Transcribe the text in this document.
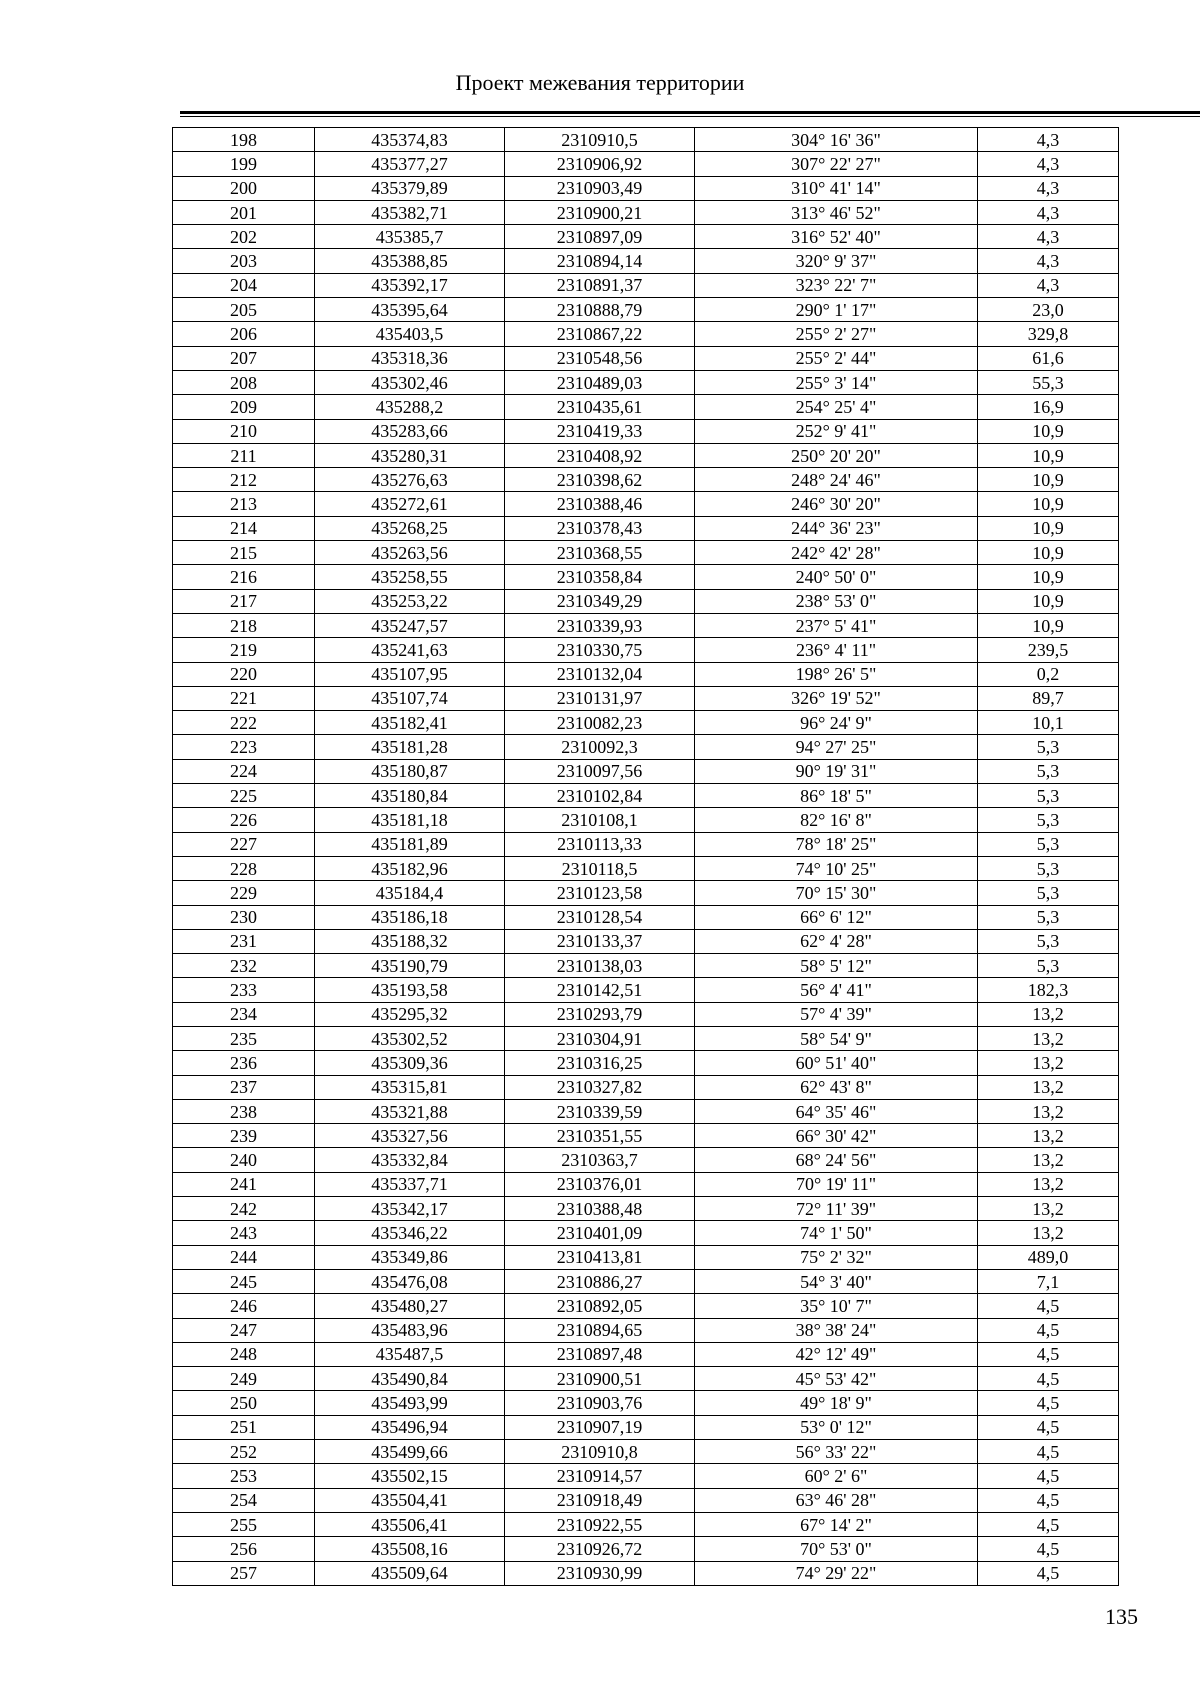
Проект межевания территории
198	435374,83	2310910,5	304° 16' 36"	4,3
199	435377,27	2310906,92	307° 22' 27"	4,3
200	435379,89	2310903,49	310° 41' 14"	4,3
201	435382,71	2310900,21	313° 46' 52"	4,3
202	435385,7	2310897,09	316° 52' 40"	4,3
203	435388,85	2310894,14	320° 9' 37"	4,3
204	435392,17	2310891,37	323° 22' 7"	4,3
205	435395,64	2310888,79	290° 1' 17"	23,0
206	435403,5	2310867,22	255° 2' 27"	329,8
207	435318,36	2310548,56	255° 2' 44"	61,6
208	435302,46	2310489,03	255° 3' 14"	55,3
209	435288,2	2310435,61	254° 25' 4"	16,9
210	435283,66	2310419,33	252° 9' 41"	10,9
211	435280,31	2310408,92	250° 20' 20"	10,9
212	435276,63	2310398,62	248° 24' 46"	10,9
213	435272,61	2310388,46	246° 30' 20"	10,9
214	435268,25	2310378,43	244° 36' 23"	10,9
215	435263,56	2310368,55	242° 42' 28"	10,9
216	435258,55	2310358,84	240° 50' 0"	10,9
217	435253,22	2310349,29	238° 53' 0"	10,9
218	435247,57	2310339,93	237° 5' 41"	10,9
219	435241,63	2310330,75	236° 4' 11"	239,5
220	435107,95	2310132,04	198° 26' 5"	0,2
221	435107,74	2310131,97	326° 19' 52"	89,7
222	435182,41	2310082,23	96° 24' 9"	10,1
223	435181,28	2310092,3	94° 27' 25"	5,3
224	435180,87	2310097,56	90° 19' 31"	5,3
225	435180,84	2310102,84	86° 18' 5"	5,3
226	435181,18	2310108,1	82° 16' 8"	5,3
227	435181,89	2310113,33	78° 18' 25"	5,3
228	435182,96	2310118,5	74° 10' 25"	5,3
229	435184,4	2310123,58	70° 15' 30"	5,3
230	435186,18	2310128,54	66° 6' 12"	5,3
231	435188,32	2310133,37	62° 4' 28"	5,3
232	435190,79	2310138,03	58° 5' 12"	5,3
233	435193,58	2310142,51	56° 4' 41"	182,3
234	435295,32	2310293,79	57° 4' 39"	13,2
235	435302,52	2310304,91	58° 54' 9"	13,2
236	435309,36	2310316,25	60° 51' 40"	13,2
237	435315,81	2310327,82	62° 43' 8"	13,2
238	435321,88	2310339,59	64° 35' 46"	13,2
239	435327,56	2310351,55	66° 30' 42"	13,2
240	435332,84	2310363,7	68° 24' 56"	13,2
241	435337,71	2310376,01	70° 19' 11"	13,2
242	435342,17	2310388,48	72° 11' 39"	13,2
243	435346,22	2310401,09	74° 1' 50"	13,2
244	435349,86	2310413,81	75° 2' 32"	489,0
245	435476,08	2310886,27	54° 3' 40"	7,1
246	435480,27	2310892,05	35° 10' 7"	4,5
247	435483,96	2310894,65	38° 38' 24"	4,5
248	435487,5	2310897,48	42° 12' 49"	4,5
249	435490,84	2310900,51	45° 53' 42"	4,5
250	435493,99	2310903,76	49° 18' 9"	4,5
251	435496,94	2310907,19	53° 0' 12"	4,5
252	435499,66	2310910,8	56° 33' 22"	4,5
253	435502,15	2310914,57	60° 2' 6"	4,5
254	435504,41	2310918,49	63° 46' 28"	4,5
255	435506,41	2310922,55	67° 14' 2"	4,5
256	435508,16	2310926,72	70° 53' 0"	4,5
257	435509,64	2310930,99	74° 29' 22"	4,5
135
